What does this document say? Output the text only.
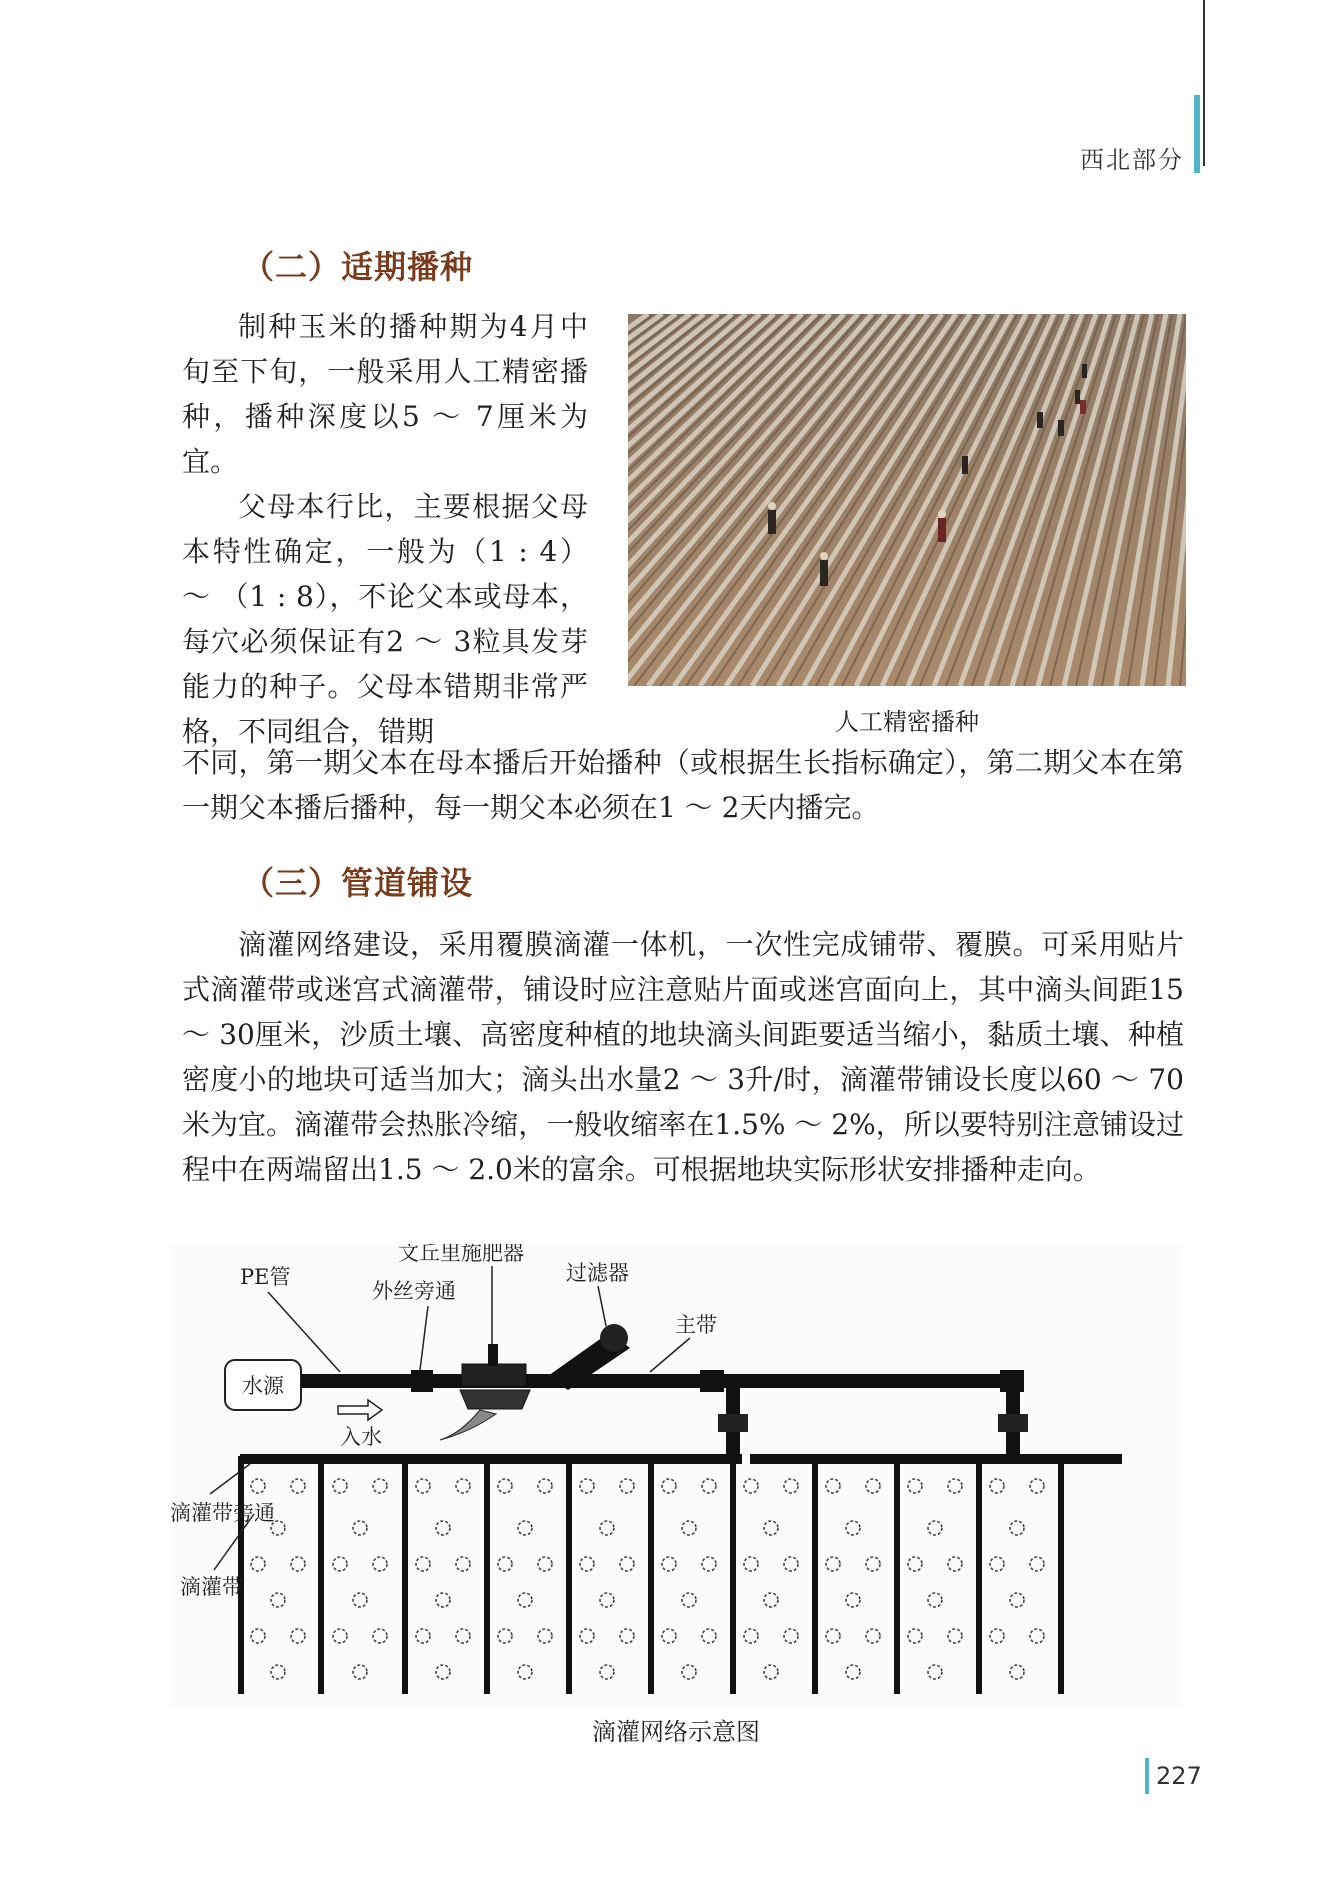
西北部分
（二）适期播种

制种玉米的播种期为4月中旬至下旬，一般采用人工精密播种，播种深度以5 ～ 7厘米为宜。

父母本行比，主要根据父母本特性确定，一般为（1 : 4） ～ （1 : 8），不论父本或母本，每穴必须保证有2 ～ 3粒具发芽能力的种子。父母本错期非常严格，不同组合，错期

不同，第一期父本在母本播后开始播种（或根据生长指标确定），第二期父本在第一期父本播后播种，每一期父本必须在1 ～ 2天内播完。

人工精密播种
（三）管道铺设

滴灌网络建设，采用覆膜滴灌一体机，一次性完成铺带、覆膜。可采用贴片式滴灌带或迷宫式滴灌带，铺设时应注意贴片面或迷宫面向上，其中滴头间距15 ～ 30厘米，沙质土壤、高密度种植的地块滴头间距要适当缩小，黏质土壤、种植密度小的地块可适当加大；滴头出水量2 ～ 3升/时，滴灌带铺设长度以60 ～ 70米为宜。滴灌带会热胀冷缩，一般收缩率在1.5% ～ 2%，所以要特别注意铺设过程中在两端留出1.5 ～ 2.0米的富余。可根据地块实际形状安排播种走向。

水源
入水
PE管
文丘里施肥器
外丝旁通
过滤器
主带
滴灌带旁通
滴灌带
滴灌网络示意图
227
